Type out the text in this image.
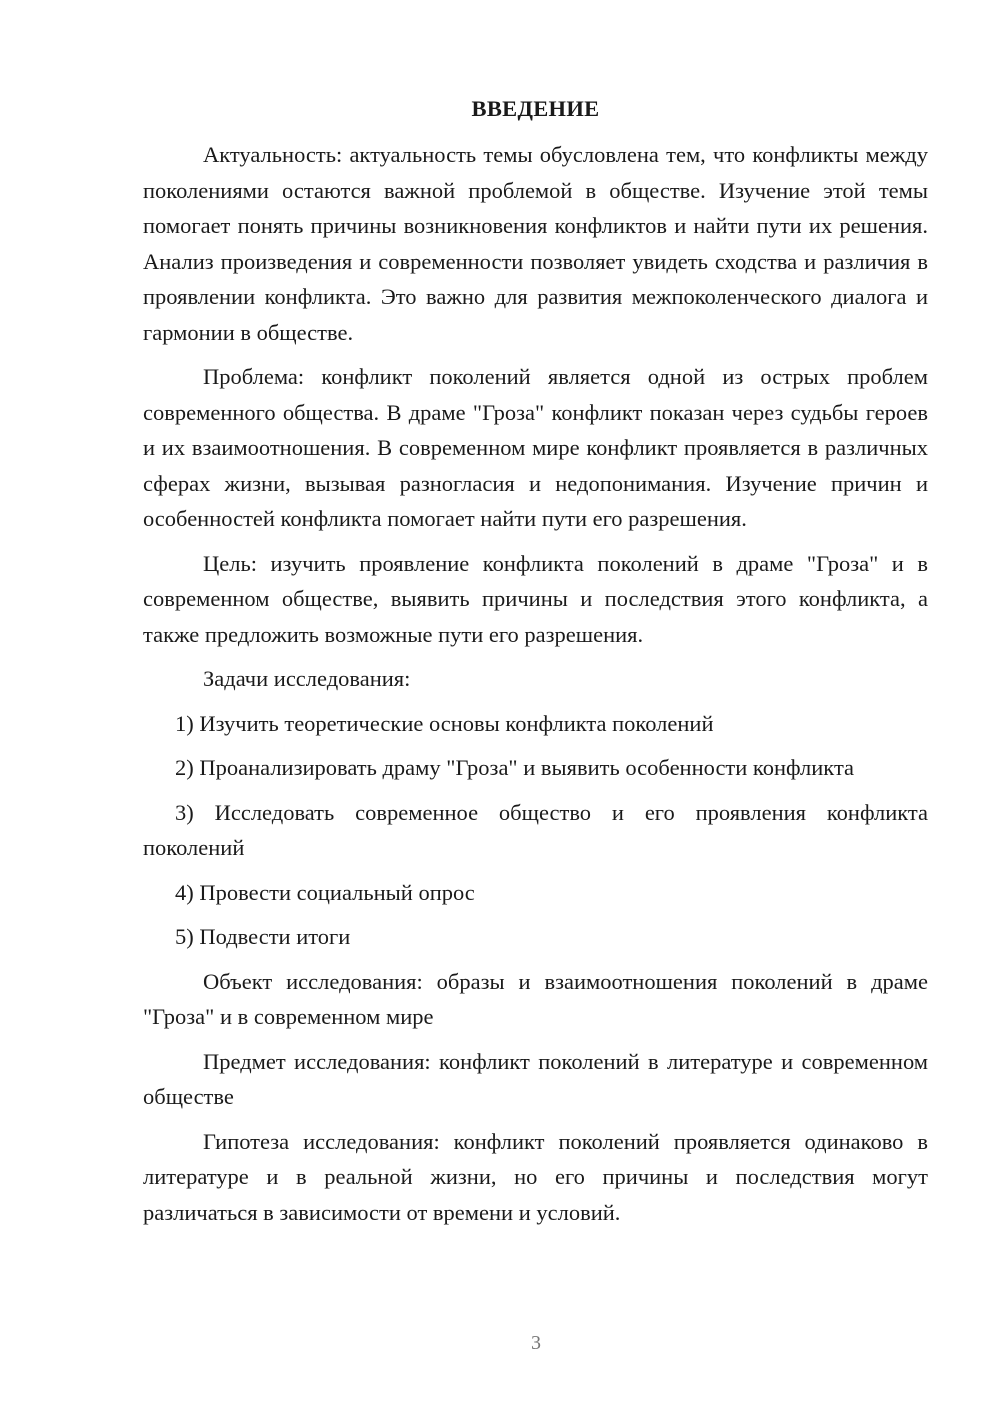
ВВЕДЕНИЕ

Актуальность: актуальность темы обусловлена тем, что конфликты между поколениями остаются важной проблемой в обществе. Изучение этой темы помогает понять причины возникновения конфликтов и найти пути их решения. Анализ произведения и современности позволяет увидеть сходства и различия в проявлении конфликта. Это важно для развития межпоколенческого диалога и гармонии в обществе.

Проблема: конфликт поколений является одной из острых проблем современного общества. В драме "Гроза" конфликт показан через судьбы героев и их взаимоотношения. В современном мире конфликт проявляется в различных сферах жизни, вызывая разногласия и недопонимания. Изучение причин и особенностей конфликта помогает найти пути его разрешения.

Цель: изучить проявление конфликта поколений в драме "Гроза" и в современном обществе, выявить причины и последствия этого конфликта, а также предложить возможные пути его разрешения.

Задачи исследования:

1) Изучить теоретические основы конфликта поколений

2) Проанализировать драму "Гроза" и выявить особенности конфликта

3) Исследовать современное общество и его проявления конфликта поколений

4) Провести социальный опрос

5) Подвести итоги

Объект исследования: образы и взаимоотношения поколений в драме "Гроза" и в современном мире

Предмет исследования: конфликт поколений в литературе и современном обществе

Гипотеза исследования: конфликт поколений проявляется одинаково в литературе и в реальной жизни, но его причины и последствия могут различаться в зависимости от времени и условий.

3
